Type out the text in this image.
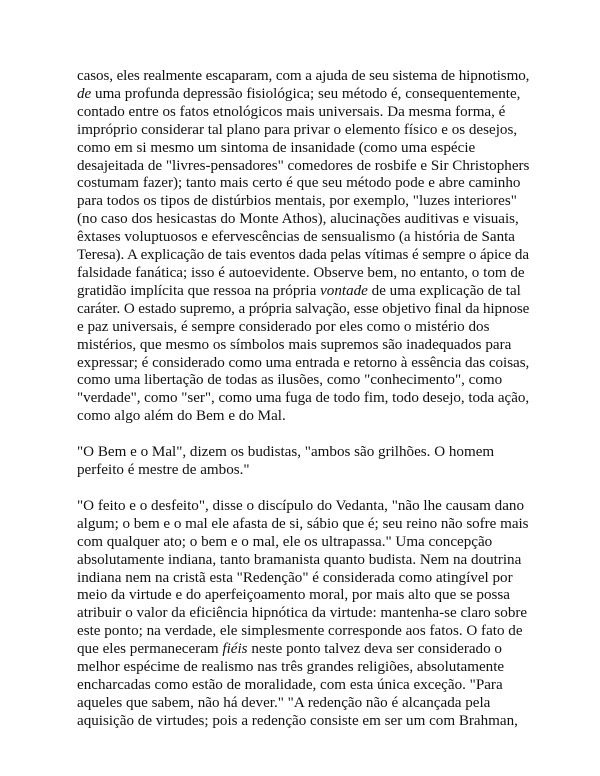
casos, eles realmente escaparam, com a ajuda de seu sistema de hipnotismo,
de uma profunda depressão fisiológica; seu método é, consequentemente,
contado entre os fatos etnológicos mais universais. Da mesma forma, é
impróprio considerar tal plano para privar o elemento físico e os desejos,
como em si mesmo um sintoma de insanidade (como uma espécie
desajeitada de "livres-pensadores" comedores de rosbife e Sir Christophers
costumam fazer); tanto mais certo é que seu método pode e abre caminho
para todos os tipos de distúrbios mentais, por exemplo, "luzes interiores"
(no caso dos hesicastas do Monte Athos), alucinações auditivas e visuais,
êxtases voluptuosos e efervescências de sensualismo (a história de Santa
Teresa). A explicação de tais eventos dada pelas vítimas é sempre o ápice da
falsidade fanática; isso é autoevidente. Observe bem, no entanto, o tom de
gratidão implícita que ressoa na própria vontade de uma explicação de tal
caráter. O estado supremo, a própria salvação, esse objetivo final da hipnose
e paz universais, é sempre considerado por eles como o mistério dos
mistérios, que mesmo os símbolos mais supremos são inadequados para
expressar; é considerado como uma entrada e retorno à essência das coisas,
como uma libertação de todas as ilusões, como "conhecimento", como
"verdade", como "ser", como uma fuga de todo fim, todo desejo, toda ação,
como algo além do Bem e do Mal.
"O Bem e o Mal", dizem os budistas, "ambos são grilhões. O homem
perfeito é mestre de ambos."
"O feito e o desfeito", disse o discípulo do Vedanta, "não lhe causam dano
algum; o bem e o mal ele afasta de si, sábio que é; seu reino não sofre mais
com qualquer ato; o bem e o mal, ele os ultrapassa." Uma concepção
absolutamente indiana, tanto bramanista quanto budista. Nem na doutrina
indiana nem na cristã esta "Redenção" é considerada como atingível por
meio da virtude e do aperfeiçoamento moral, por mais alto que se possa
atribuir o valor da eficiência hipnótica da virtude: mantenha-se claro sobre
este ponto; na verdade, ele simplesmente corresponde aos fatos. O fato de
que eles permaneceram fiéis neste ponto talvez deva ser considerado o
melhor espécime de realismo nas três grandes religiões, absolutamente
encharcadas como estão de moralidade, com esta única exceção. "Para
aqueles que sabem, não há dever." "A redenção não é alcançada pela
aquisição de virtudes; pois a redenção consiste em ser um com Brahman,
